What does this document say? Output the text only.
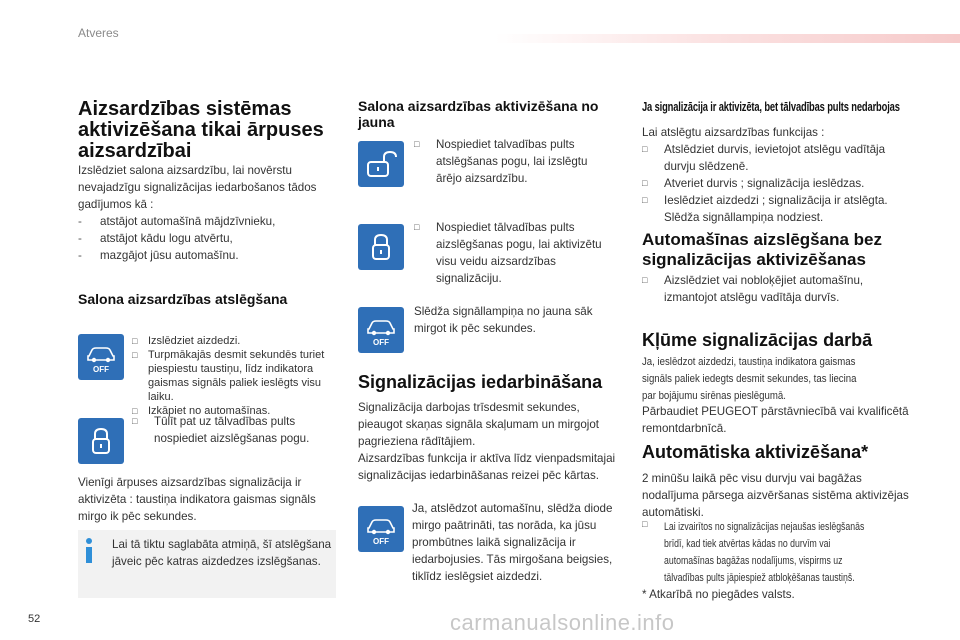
Atveres
Aizsardzības sistēmas aktivizēšana tikai ārpuses aizsardzībai

Izslēdziet salona aizsardzību, lai novērstu nevajadzīgu signalizācijas iedarbošanos tādos gadījumos kā :

- atstājot automašīnā mājdzīvnieku,
- atstājot kādu logu atvērtu,
- mazgājot jūsu automašīnu.
Salona aizsardzības atslēgšana
OFF
□ Izslēdziet aizdedzi.
□ Turpmākajās desmit sekundēs turiet piespiestu taustiņu, līdz indikatora gaismas signāls paliek ieslēgts visu laiku.
□ Izkāpiet no automašīnas.
□ Tūlīt pat uz tālvadības pults nospiediet aizslēgšanas pogu.

Vienīgi ārpuses aizsardzības signalizācija ir aktivizēta : taustiņa indikatora gaismas signāls mirgo ik pēc sekundes.

Lai tā tiktu saglabāta atmiņā, šī atslēgšana jāveic pēc katras aizdedzes izslēgšanas.

Salona aizsardzības aktivizēšana no jauna
□ Nospiediet talvadības pults atslēgšanas pogu, lai izslēgtu ārējo aizsardzību.
□ Nospiediet tālvadības pults aizslēgšanas pogu, lai aktivizētu visu veidu aizsardzības signalizāciju.
OFF

Slēdža signāllampiņa no jauna sāk mirgot ik pēc sekundes.

Signalizācijas iedarbināšana

Signalizācija darbojas trīsdesmit sekundes, pieaugot skaņas signāla skaļumam un mirgojot pagrieziena rādītājiem.

Aizsardzības funkcija ir aktīva līdz vienpadsmitajai signalizācijas iedarbināšanas reizei pēc kārtas.

OFF

Ja, atslēdzot automašīnu, slēdža diode mirgo paātrināti, tas norāda, ka jūsu prombūtnes laikā signalizācija ir iedarbojusies. Tās mirgošana beigsies, tiklīdz ieslēgsiet aizdedzi.

Ja signalizācija ir aktivizēta, bet tālvadības pults nedarbojas

Lai atslēgtu aizsardzības funkcijas :

□ Atslēdziet durvis, ievietojot atslēgu vadītāja durvju slēdzenē.
□ Atveriet durvis ; signalizācija ieslēdzas.
□ Ieslēdziet aizdedzi ; signalizācija ir atslēgta. Slēdža signāllampiņa nodziest.
Automašīnas aizslēgšana bez signalizācijas aktivizēšanas
□ Aizslēdziet vai nobloķējiet automašīnu, izmantojot atslēgu vadītāja durvīs.
Kļūme signalizācijas darbā
Ja, ieslēdzot aizdedzi, taustiņa indikatora gaismas
signāls paliek iedegts desmit sekundes, tas liecina
par bojājumu sirēnas pieslēgumā.

Pārbaudiet PEUGEOT pārstāvniecībā vai kvalificētā remontdarbnīcā.

Automātiska aktivizēšana*

2 minūšu laikā pēc visu durvju vai bagāžas nodalījuma pārsega aizvēršanas sistēma aktivizējas automātiski.

□ Lai izvairītos no signalizācijas nejaušas ieslēgšanās
brīdī, kad tiek atvērtas kādas no durvīm vai
automašīnas bagāžas nodalījums, vispirms uz
tālvadības pults jāpiespiež atbloķēšanas taustiņš.

* Atkarībā no piegādes valsts.

52	carmanualsonline.info
